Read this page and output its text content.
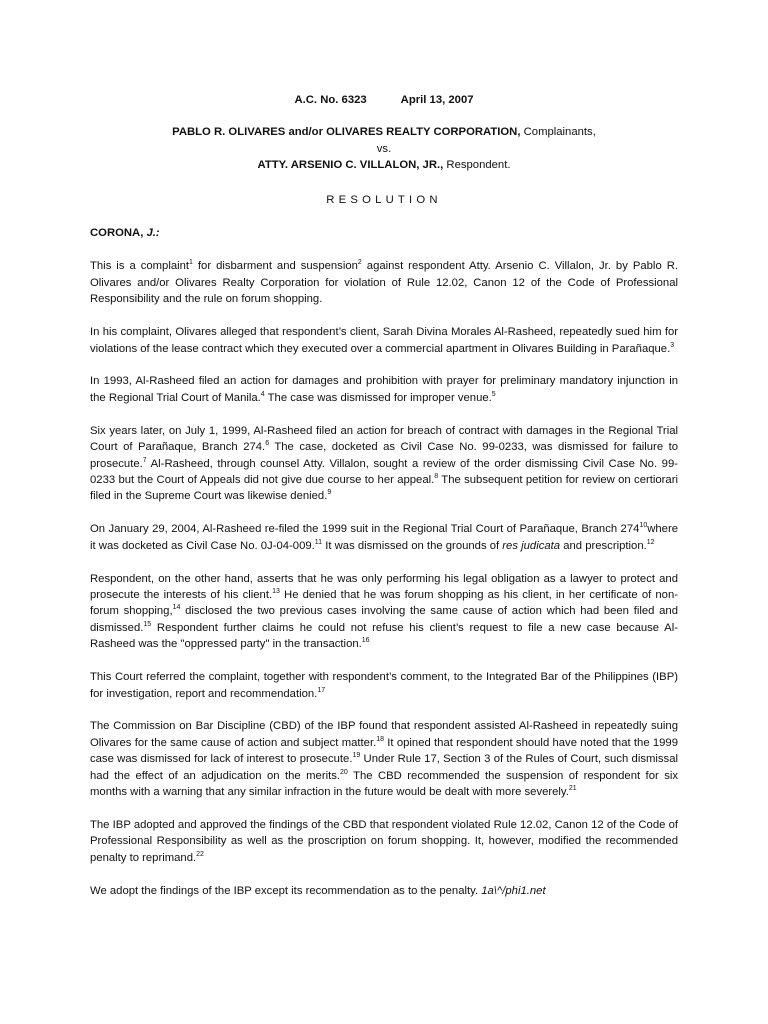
A.C. No. 6323	April 13, 2007
PABLO R. OLIVARES and/or OLIVARES REALTY CORPORATION, Complainants,
vs.
ATTY. ARSENIO C. VILLALON, JR., Respondent.
RESOLUTION
CORONA, J.:

This is a complaint$^1$ for disbarment and suspension$^2$ against respondent Atty. Arsenio C. Villalon, Jr. by Pablo R. Olivares and/or Olivares Realty Corporation for violation of Rule 12.02, Canon 12 of the Code of Professional Responsibility and the rule on forum shopping.

In his complaint, Olivares alleged that respondent’s client, Sarah Divina Morales Al-Rasheed, repeatedly sued him for violations of the lease contract which they executed over a commercial apartment in Olivares Building in Parañaque.$^3$

In 1993, Al-Rasheed filed an action for damages and prohibition with prayer for preliminary mandatory injunction in the Regional Trial Court of Manila.$^4$ The case was dismissed for improper venue.$^5$

Six years later, on July 1, 1999, Al-Rasheed filed an action for breach of contract with damages in the Regional Trial Court of Parañaque, Branch 274.$^6$ The case, docketed as Civil Case No. 99-0233, was dismissed for failure to prosecute.$^7$ Al-Rasheed, through counsel Atty. Villalon, sought a review of the order dismissing Civil Case No. 99-0233 but the Court of Appeals did not give due course to her appeal.$^8$ The subsequent petition for review on certiorari filed in the Supreme Court was likewise denied.$^9$

On January 29, 2004, Al-Rasheed re-filed the 1999 suit in the Regional Trial Court of Parañaque, Branch $274^{10}where$ it was docketed as Civil Case No. 0J-04-009.11 It was dismissed on the grounds of res judicata and prescription.$^{12}$

Respondent, on the other hand, asserts that he was only performing his legal obligation as a lawyer to protect and prosecute the interests of his client.$^{13}$ He denied that he was forum shopping as his client, in her certificate of non-forum shopping,$^{14}$ disclosed the two previous cases involving the same cause of action which had been filed and dismissed.$^{15}$ Respondent further claims he could not refuse his client’s request to file a new case because Al-Rasheed was the "oppressed party" in the transaction.$^{16}$

This Court referred the complaint, together with respondent’s comment, to the Integrated Bar of the Philippines (IBP) for investigation, report and recommendation.$^{17}$

The Commission on Bar Discipline (CBD) of the IBP found that respondent assisted Al-Rasheed in repeatedly suing Olivares for the same cause of action and subject matter.$^{18}$ It opined that respondent should have noted that the 1999 case was dismissed for lack of interest to prosecute.$^{19}$ Under Rule 17, Section 3 of the Rules of Court, such dismissal had the effect of an adjudication on the merits.$^{20}$ The CBD recommended the suspension of respondent for six months with a warning that any similar infraction in the future would be dealt with more severely.$^{21}$

The IBP adopted and approved the findings of the CBD that respondent violated Rule 12.02, Canon 12 of the Code of Professional Responsibility as well as the proscription on forum shopping. It, however, modified the recommended penalty to reprimand.$^{22}$

We adopt the findings of the IBP except its recommendation as to the penalty. 1a\^/phi1.net
